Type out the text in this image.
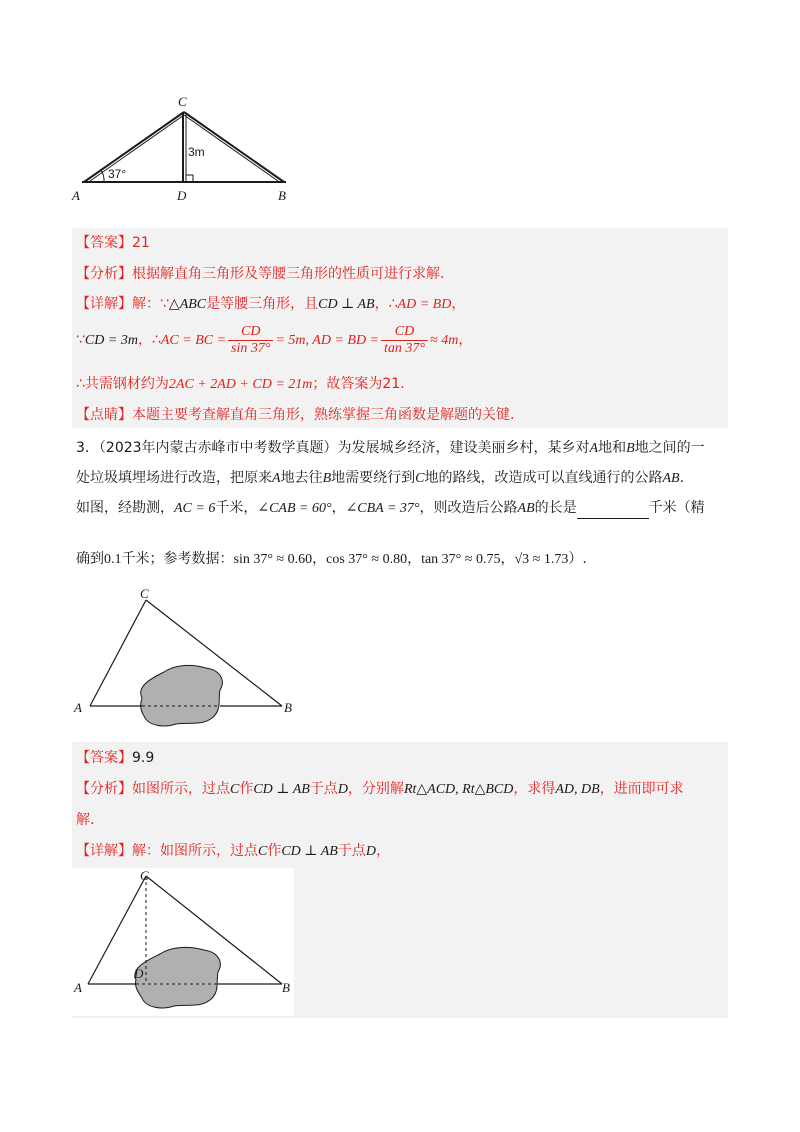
C
A	D	B
3m
37°
【答案】21
【分析】根据解直角三角形及等腰三角形的性质可进行求解.
【详解】解：∵△ABC是等腰三角形，且CD ⊥ AB，∴AD = BD，
∵CD = 3m，∴AC = BC = $\frac{CD}{\sin 37^\circ} = 5m$, AD = BD = $\frac{CD}{\tan 37^\circ} \approx 4m$，
∴共需钢材约为2AC + 2AD + CD = 21m；故答案为21.
【点睛】本题主要考查解直角三角形，熟练掌握三角函数是解题的关键.
3．（2023年内蒙古赤峰市中考数学真题）为发展城乡经济，建设美丽乡村，某乡对A地和B地之间的一
处垃圾填埋场进行改造，把原来A地去往B地需要绕行到C地的路线，改造成可以直线通行的公路AB.
如图，经勘测，AC = 6千米，∠CAB = 60°，∠CBA = 37°，则改造后公路AB的长是	千米（精
确到0.1千米；参考数据：sin 37° ≈ 0.60，cos 37° ≈ 0.80，tan 37° ≈ 0.75，√3 ≈ 1.73）.
C
A	B
【答案】9.9
【分析】如图所示，过点C作CD ⊥ AB于点D，分别解Rt△ACD, Rt△BCD，求得AD, DB，进而即可求
解.
【详解】解：如图所示，过点C作CD ⊥ AB于点D，
C
D
A	B
